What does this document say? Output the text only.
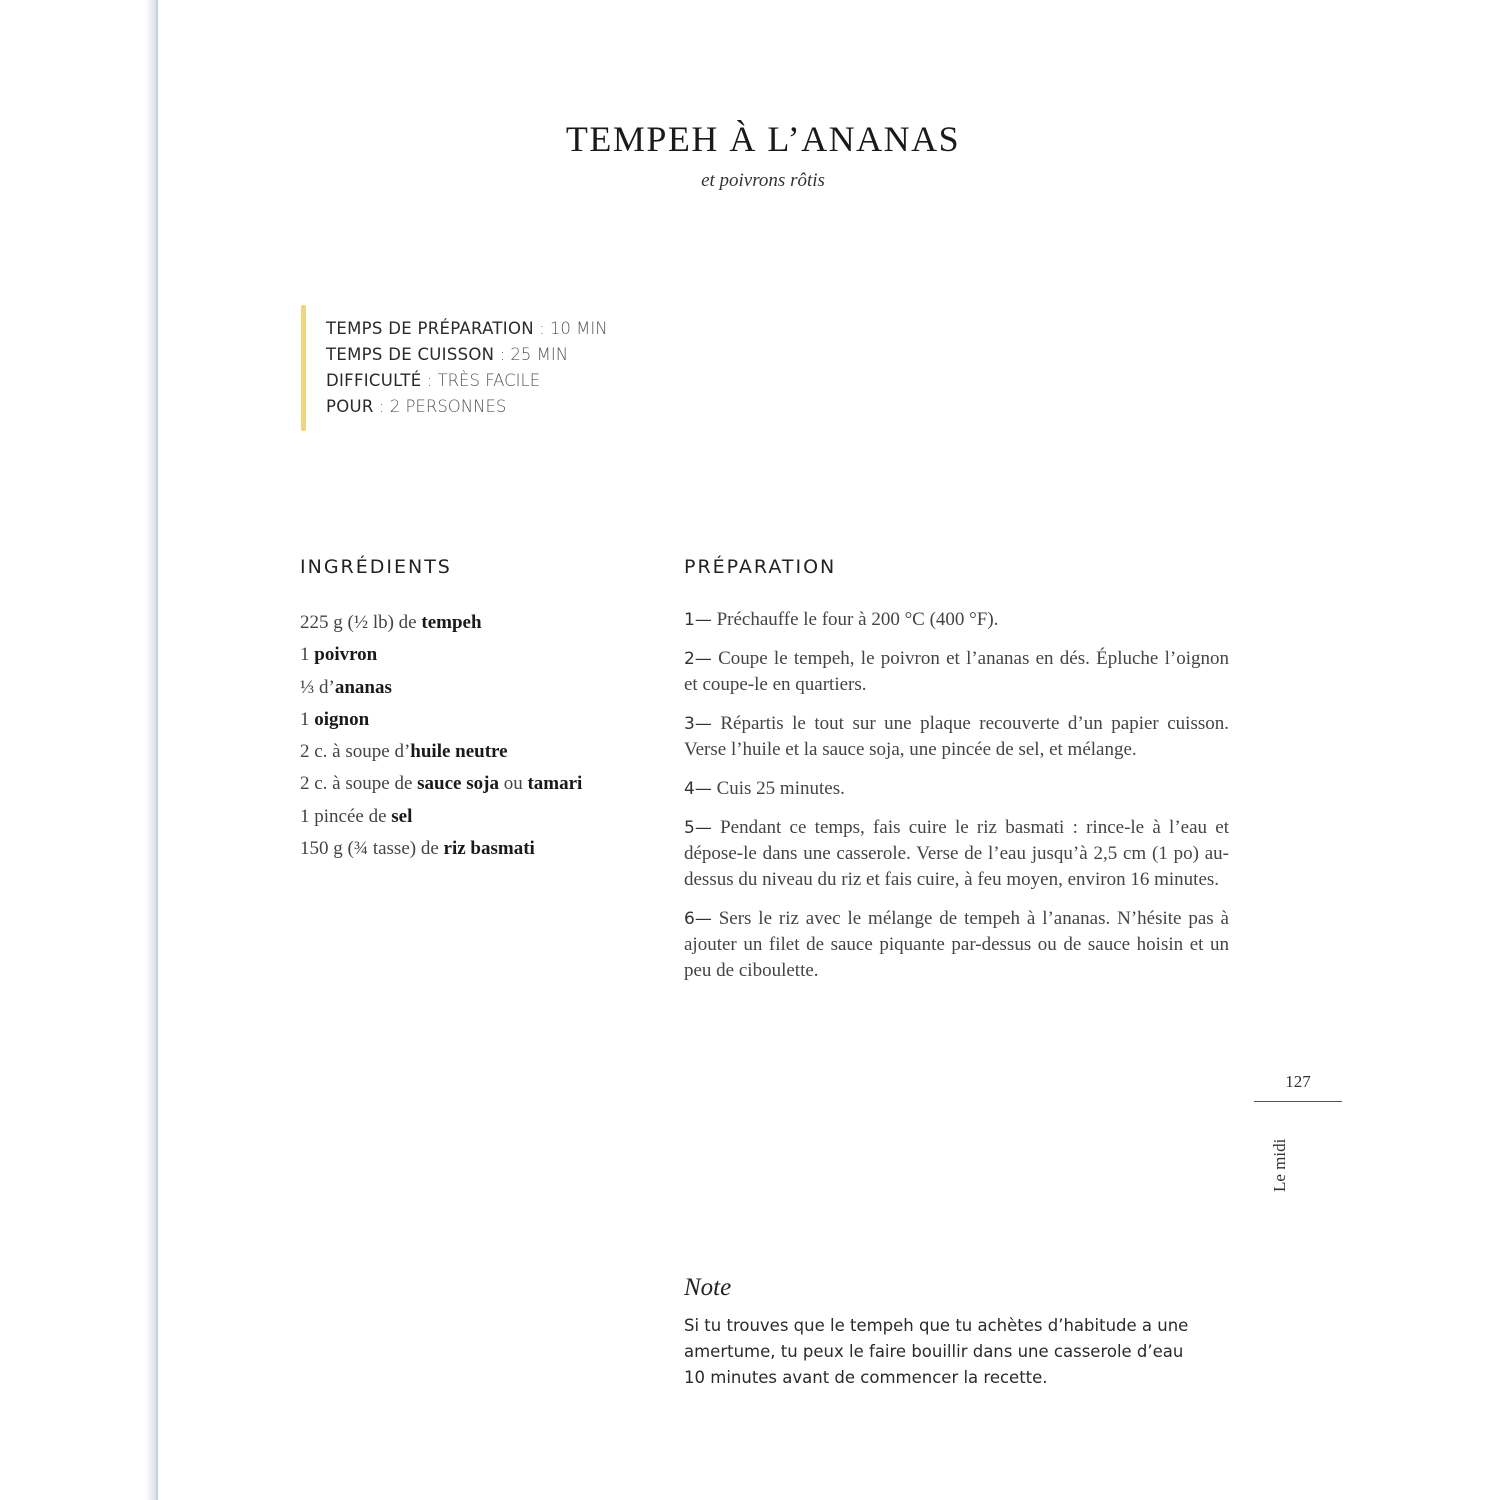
TEMPEH À L’ANANAS
et poivrons rôtis
TEMPS DE PRÉPARATION : 10 MIN
TEMPS DE CUISSON : 25 MIN
DIFFICULTÉ : TRÈS FACILE
POUR : 2 PERSONNES
INGRÉDIENTS	PRÉPARATION
225 g (½ lb) de tempeh
1 poivron
⅓ d’ananas
1 oignon
2 c. à soupe d’huile neutre
2 c. à soupe de sauce soja ou tamari
1 pincée de sel
150 g (¾ tasse) de riz basmati
1— Préchauffe le four à 200 °C (400 °F).
2— Coupe le tempeh, le poivron et l’ananas en dés. Épluche l’oignon et coupe-le en quartiers.
3— Répartis le tout sur une plaque recouverte d’un papier cuisson. Verse l’huile et la sauce soja, une pincée de sel, et mélange.
4— Cuis 25 minutes.
5— Pendant ce temps, fais cuire le riz basmati : rince-le à l’eau et dépose-le dans une casserole. Verse de l’eau jusqu’à 2,5 cm (1 po) au-dessus du niveau du riz et fais cuire, à feu moyen, environ 16 minutes.
6— Sers le riz avec le mélange de tempeh à l’ananas. N’hésite pas à ajouter un filet de sauce piquante par-dessus ou de sauce hoisin et un peu de ciboulette.
127
Le midi
Note
Si tu trouves que le tempeh que tu achètes d’habitude a une amertume, tu peux le faire bouillir dans une casserole d’eau 10 minutes avant de commencer la recette.
